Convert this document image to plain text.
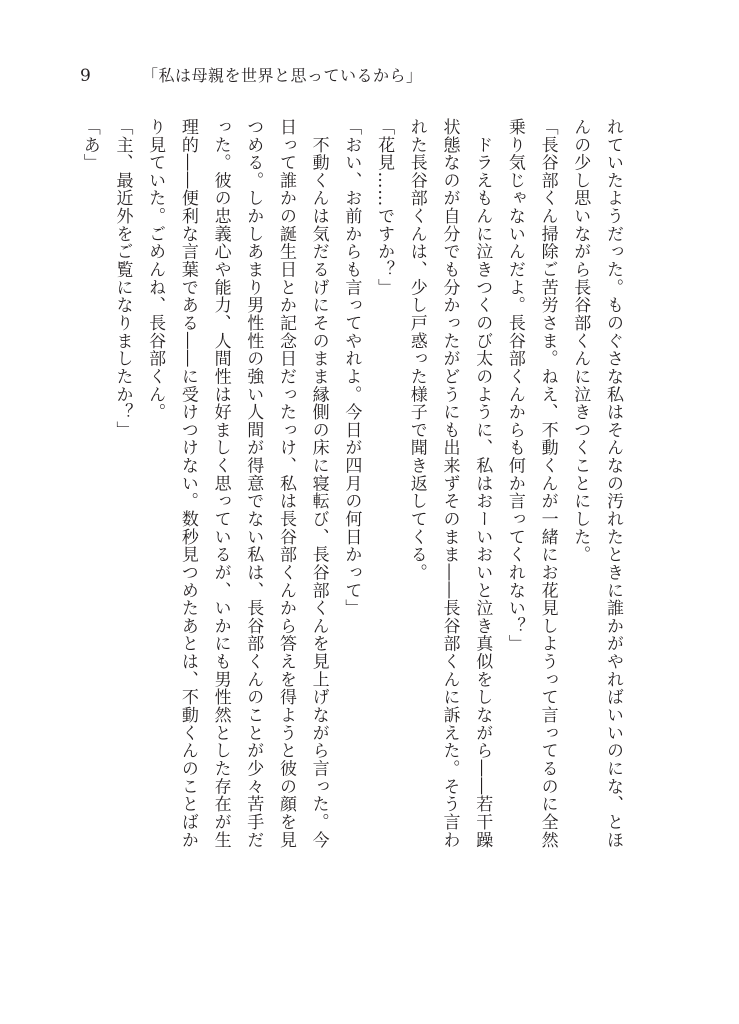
9	「私は母親を世界と思っているから」
れていたようだった。ものぐさな私はそんなの汚れたときに誰かがやればいいのにな、とほ
んの少し思いながら長谷部くんに泣きつくことにした。
「長谷部くん掃除ご苦労さま。ねえ、不動くんが一緒にお花見しようって言ってるのに全然
乗り気じゃないんだよ。長谷部くんからも何か言ってくれない？」
　ドラえもんに泣きつくのび太のように、私はおーいおいと泣き真似をしながら――若干躁
状態なのが自分でも分かったがどうにも出来ずそのまま――長谷部くんに訴えた。そう言わ
れた長谷部くんは、少し戸惑った様子で聞き返してくる。
「花見……ですか？」
「おい、お前からも言ってやれよ。今日が四月の何日かって」
　不動くんは気だるげにそのまま縁側の床に寝転び、長谷部くんを見上げながら言った。今
日って誰かの誕生日とか記念日だったっけ、私は長谷部くんから答えを得ようと彼の顔を見
つめる。しかしあまり男性性の強い人間が得意でない私は、長谷部くんのことが少々苦手だ
った。彼の忠義心や能力、人間性は好ましく思っているが、いかにも男性然とした存在が生
理的――便利な言葉である――に受けつけない。数秒見つめたあとは、不動くんのことばか
り見ていた。ごめんね、長谷部くん。
「主、最近外をご覧になりましたか？」
「あ」
